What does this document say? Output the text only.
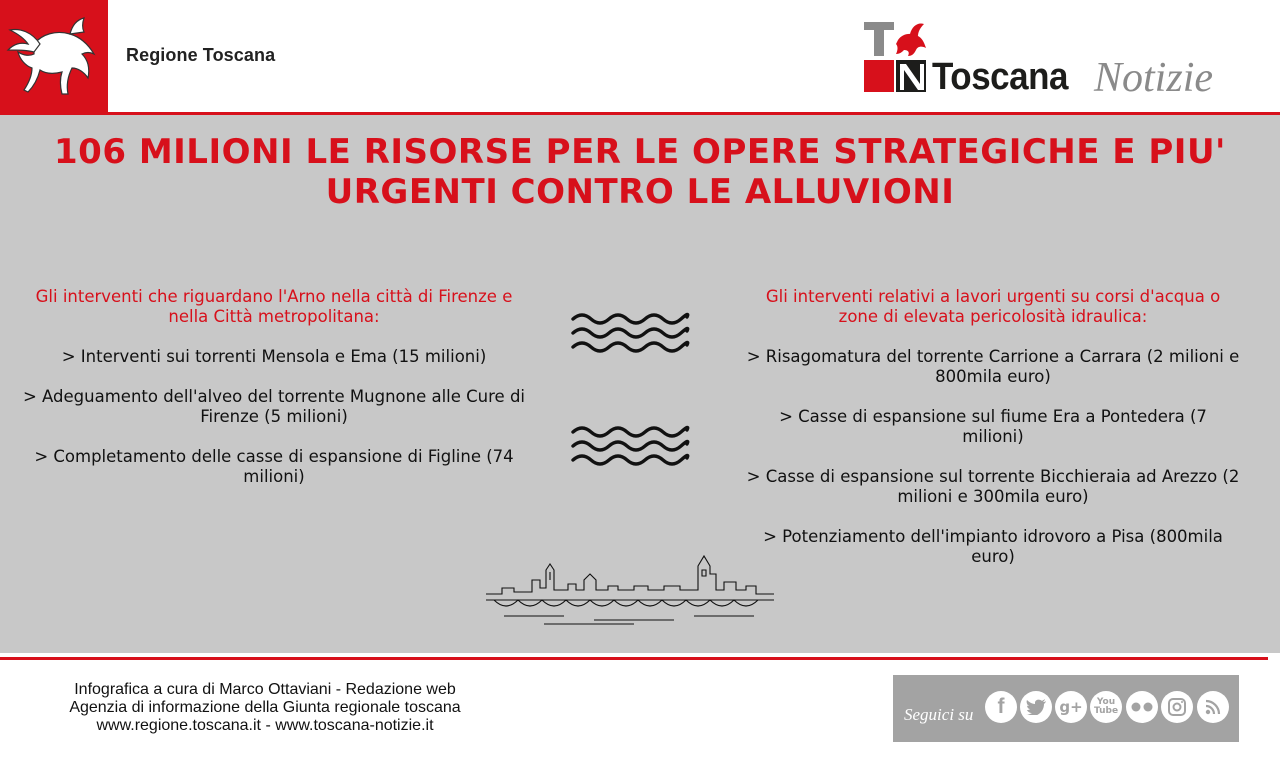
Regione Toscana
Toscana Notizie
106 MILIONI LE RISORSE PER LE OPERE STRATEGICHE E PIU' URGENTI CONTRO LE ALLUVIONI
Gli interventi che riguardano l'Arno nella città di Firenze e nella Città metropolitana:
> Interventi sui torrenti Mensola e Ema (15 milioni)
> Adeguamento dell'alveo del torrente Mugnone alle Cure di Firenze (5 milioni)
> Completamento delle casse di espansione di Figline (74 milioni)
Gli interventi relativi a lavori urgenti su corsi d'acqua o zone di elevata pericolosità idraulica:
> Risagomatura del torrente Carrione a Carrara (2 milioni e 800mila euro)
> Casse di espansione sul fiume Era a Pontedera (7 milioni)
> Casse di espansione sul torrente Bicchieraia ad Arezzo (2 milioni e 300mila euro)
> Potenziamento dell'impianto idrovoro a Pisa (800mila euro)
Infografica a cura di Marco Ottaviani - Redazione web
Agenzia di informazione della Giunta regionale toscana
www.regione.toscana.it - www.toscana-notizie.it
Seguici su f	g+	You
Tube
